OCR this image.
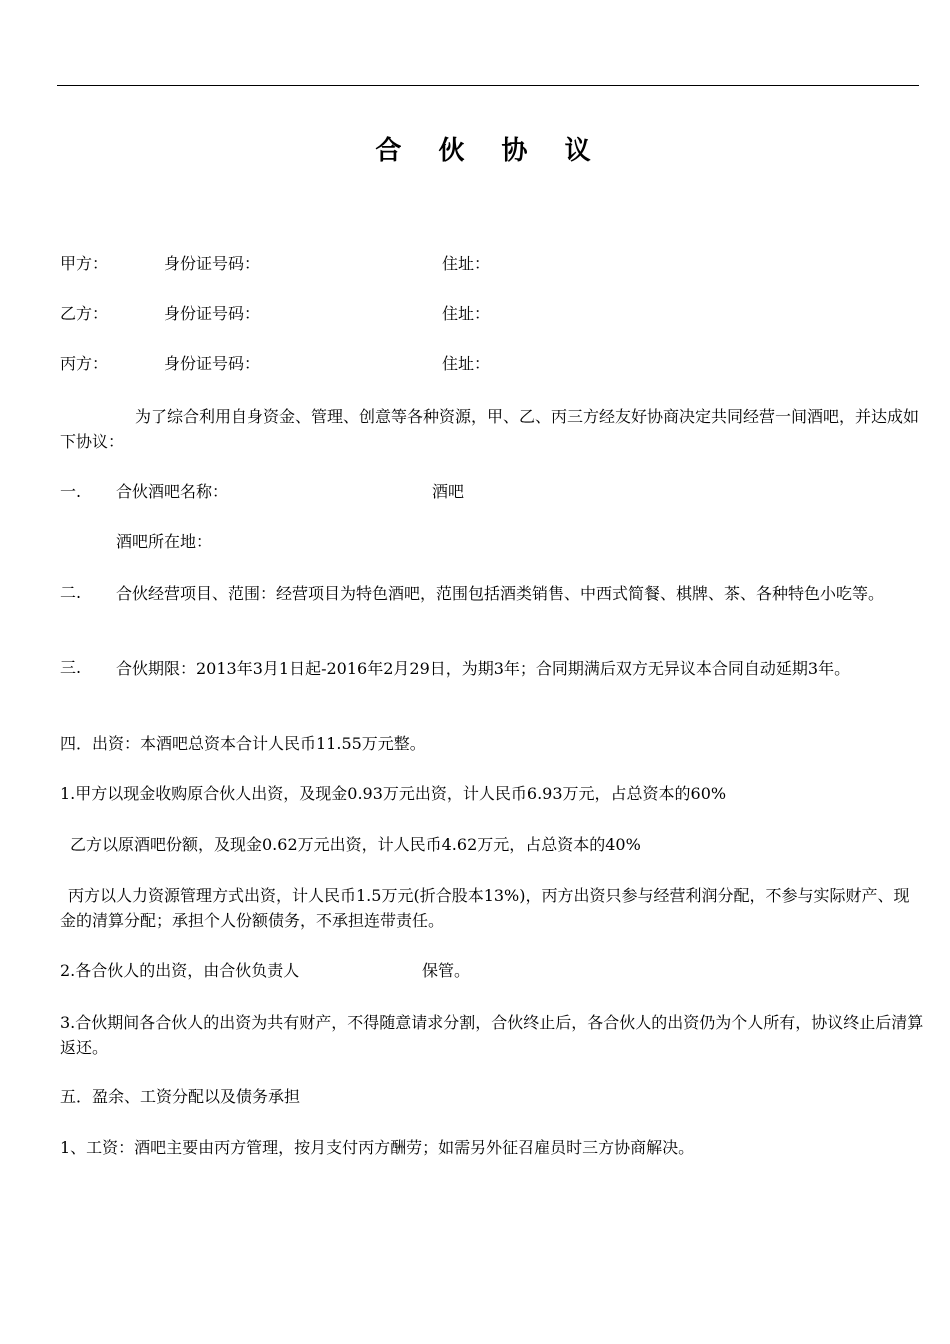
合 伙 协 议
甲方：	身份证号码：	住址：
乙方：	身份证号码：	住址：
丙方：	身份证号码：	住址：
为了综合利用自身资金、管理、创意等各种资源，甲、乙、丙三方经友好协商决定共同经营一间酒吧，并达成如下协议：
一. 合伙酒吧名称：	酒吧
酒吧所在地：
二. 合伙经营项目、范围：经营项目为特色酒吧，范围包括酒类销售、中西式简餐、棋牌、茶、各种特色小吃等。
三. 合伙期限：2013年3月1日起-2016年2月29日，为期3年；合同期满后双方无异议本合同自动延期3年。
四．出资：本酒吧总资本合计人民币11.55万元整。
1.甲方以现金收购原合伙人出资，及现金0.93万元出资，计人民币6.93万元，占总资本的60%
乙方以原酒吧份额，及现金0.62万元出资，计人民币4.62万元，占总资本的40%
丙方以人力资源管理方式出资，计人民币1.5万元(折合股本13%)，丙方出资只参与经营利润分配，不参与实际财产、现金的清算分配；承担个人份额债务，不承担连带责任。
2.各合伙人的出资，由合伙负责人	保管。
3.合伙期间各合伙人的出资为共有财产，不得随意请求分割，合伙终止后，各合伙人的出资仍为个人所有，协议终止后清算返还。
五．盈余、工资分配以及债务承担
1、工资：酒吧主要由丙方管理，按月支付丙方酬劳；如需另外征召雇员时三方协商解决。
